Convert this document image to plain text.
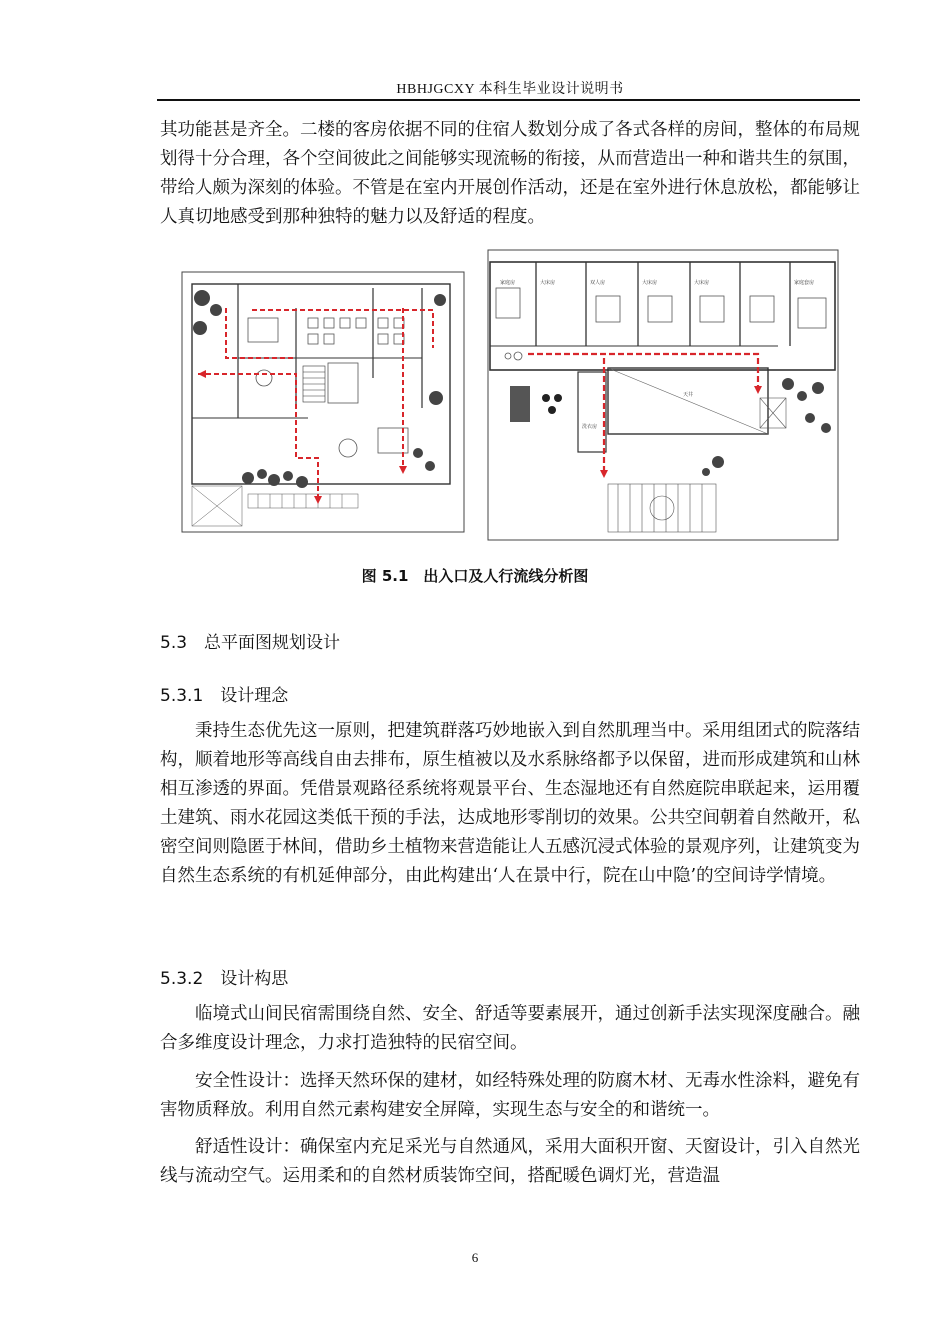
HBHJGCXY 本科生毕业设计说明书

其功能甚是齐全。二楼的客房依据不同的住宿人数划分成了各式各样的房间，整体的布局规划得十分合理，各个空间彼此之间能够实现流畅的衔接，从而营造出一种和谐共生的氛围，带给人颇为深刻的体验。不管是在室内开展创作活动，还是在室外进行休息放松，都能够让人真切地感受到那种独特的魅力以及舒适的程度。

家庭房	大床房	双人房	大床房	大床房	家庭套房
天井
洗衣房
图 5.1　出入口及人行流线分析图
5.3　总平面图规划设计
5.3.1　设计理念

秉持生态优先这一原则，把建筑群落巧妙地嵌入到自然肌理当中。采用组团式的院落结构，顺着地形等高线自由去排布，原生植被以及水系脉络都予以保留，进而形成建筑和山林相互渗透的界面。凭借景观路径系统将观景平台、生态湿地还有自然庭院串联起来，运用覆土建筑、雨水花园这类低干预的手法，达成地形零削切的效果。公共空间朝着自然敞开，私密空间则隐匿于林间，借助乡土植物来营造能让人五感沉浸式体验的景观序列，让建筑变为自然生态系统的有机延伸部分，由此构建出‘人在景中行，院在山中隐’的空间诗学情境。

5.3.2　设计构思

临境式山间民宿需围绕自然、安全、舒适等要素展开，通过创新手法实现深度融合。融合多维度设计理念，力求打造独特的民宿空间。

安全性设计：选择天然环保的建材，如经特殊处理的防腐木材、无毒水性涂料，避免有害物质释放。利用自然元素构建安全屏障，实现生态与安全的和谐统一。

舒适性设计：确保室内充足采光与自然通风，采用大面积开窗、天窗设计，引入自然光线与流动空气。运用柔和的自然材质装饰空间，搭配暖色调灯光，营造温

6
